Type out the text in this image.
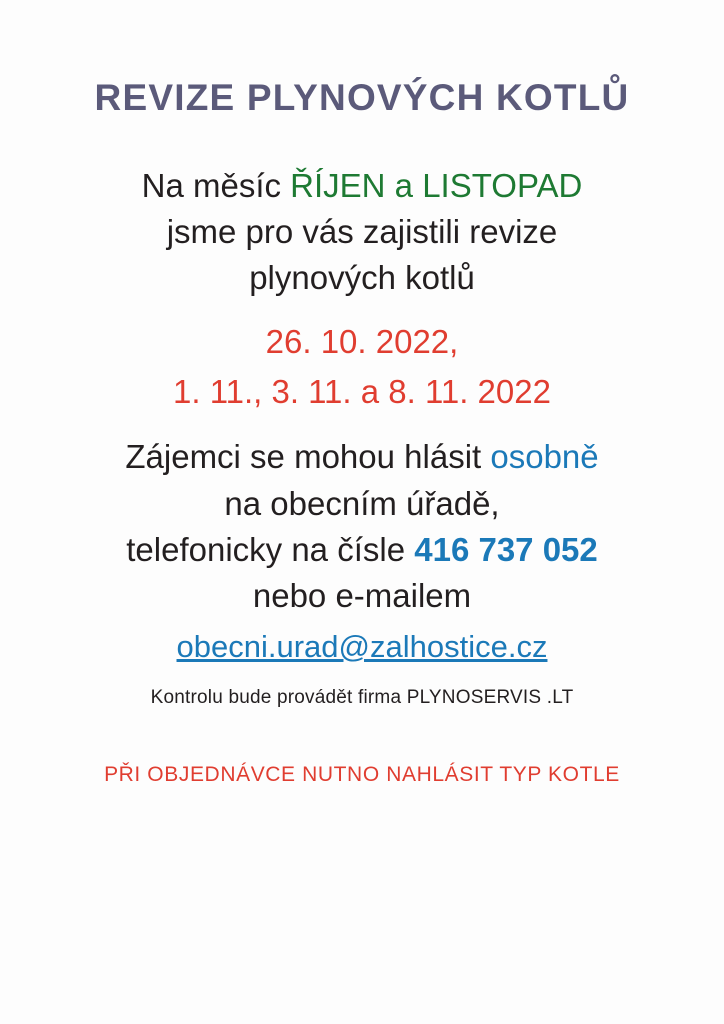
REVIZE PLYNOVÝCH KOTLŮ

Na měsíc ŘÍJEN a LISTOPAD

jsme pro vás zajistili revize

plynových kotlů

26. 10. 2022,

1. 11., 3. 11. a 8. 11. 2022

Zájemci se mohou hlásit osobně

na obecním úřadě,

telefonicky na čísle 416 737 052

nebo e-mailem

obecni.urad@zalhostice.cz

Kontrolu bude provádět firma PLYNOSERVIS .LT

PŘI OBJEDNÁVCE NUTNO NAHLÁSIT TYP KOTLE
